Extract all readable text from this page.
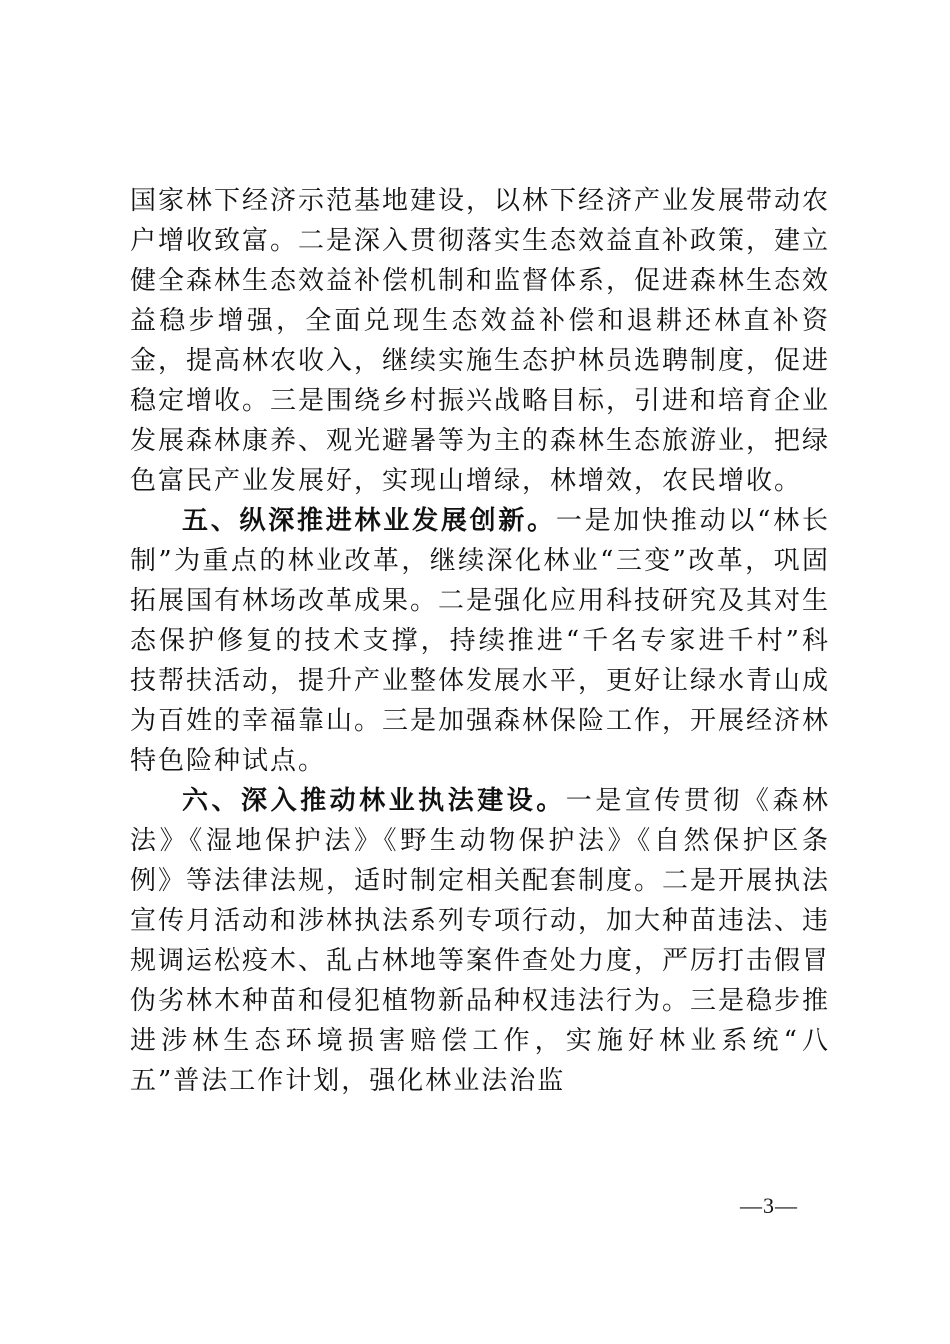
国家林下经济示范基地建设，以林下经济产业发展带动农户增收致富。二是深入贯彻落实生态效益直补政策，建立健全森林生态效益补偿机制和监督体系，促进森林生态效益稳步增强，全面兑现生态效益补偿和退耕还林直补资金，提高林农收入，继续实施生态护林员选聘制度，促进稳定增收。三是围绕乡村振兴战略目标，引进和培育企业发展森林康养、观光避暑等为主的森林生态旅游业，把绿色富民产业发展好，实现山增绿，林增效，农民增收。

五、纵深推进林业发展创新。一是加快推动以“林长制”为重点的林业改革，继续深化林业“三变”改革，巩固拓展国有林场改革成果。二是强化应用科技研究及其对生态保护修复的技术支撑，持续推进“千名专家进千村”科技帮扶活动，提升产业整体发展水平，更好让绿水青山成为百姓的幸福靠山。三是加强森林保险工作，开展经济林特色险种试点。

六、深入推动林业执法建设。一是宣传贯彻《森林法》《湿地保护法》《野生动物保护法》《自然保护区条例》等法律法规，适时制定相关配套制度。二是开展执法宣传月活动和涉林执法系列专项行动，加大种苗违法、违规调运松疫木、乱占林地等案件查处力度，严厉打击假冒伪劣林木种苗和侵犯植物新品种权违法行为。三是稳步推进涉林生态环境损害赔偿工作，实施好林业系统“八五”普法工作计划，强化林业法治监

—3—
